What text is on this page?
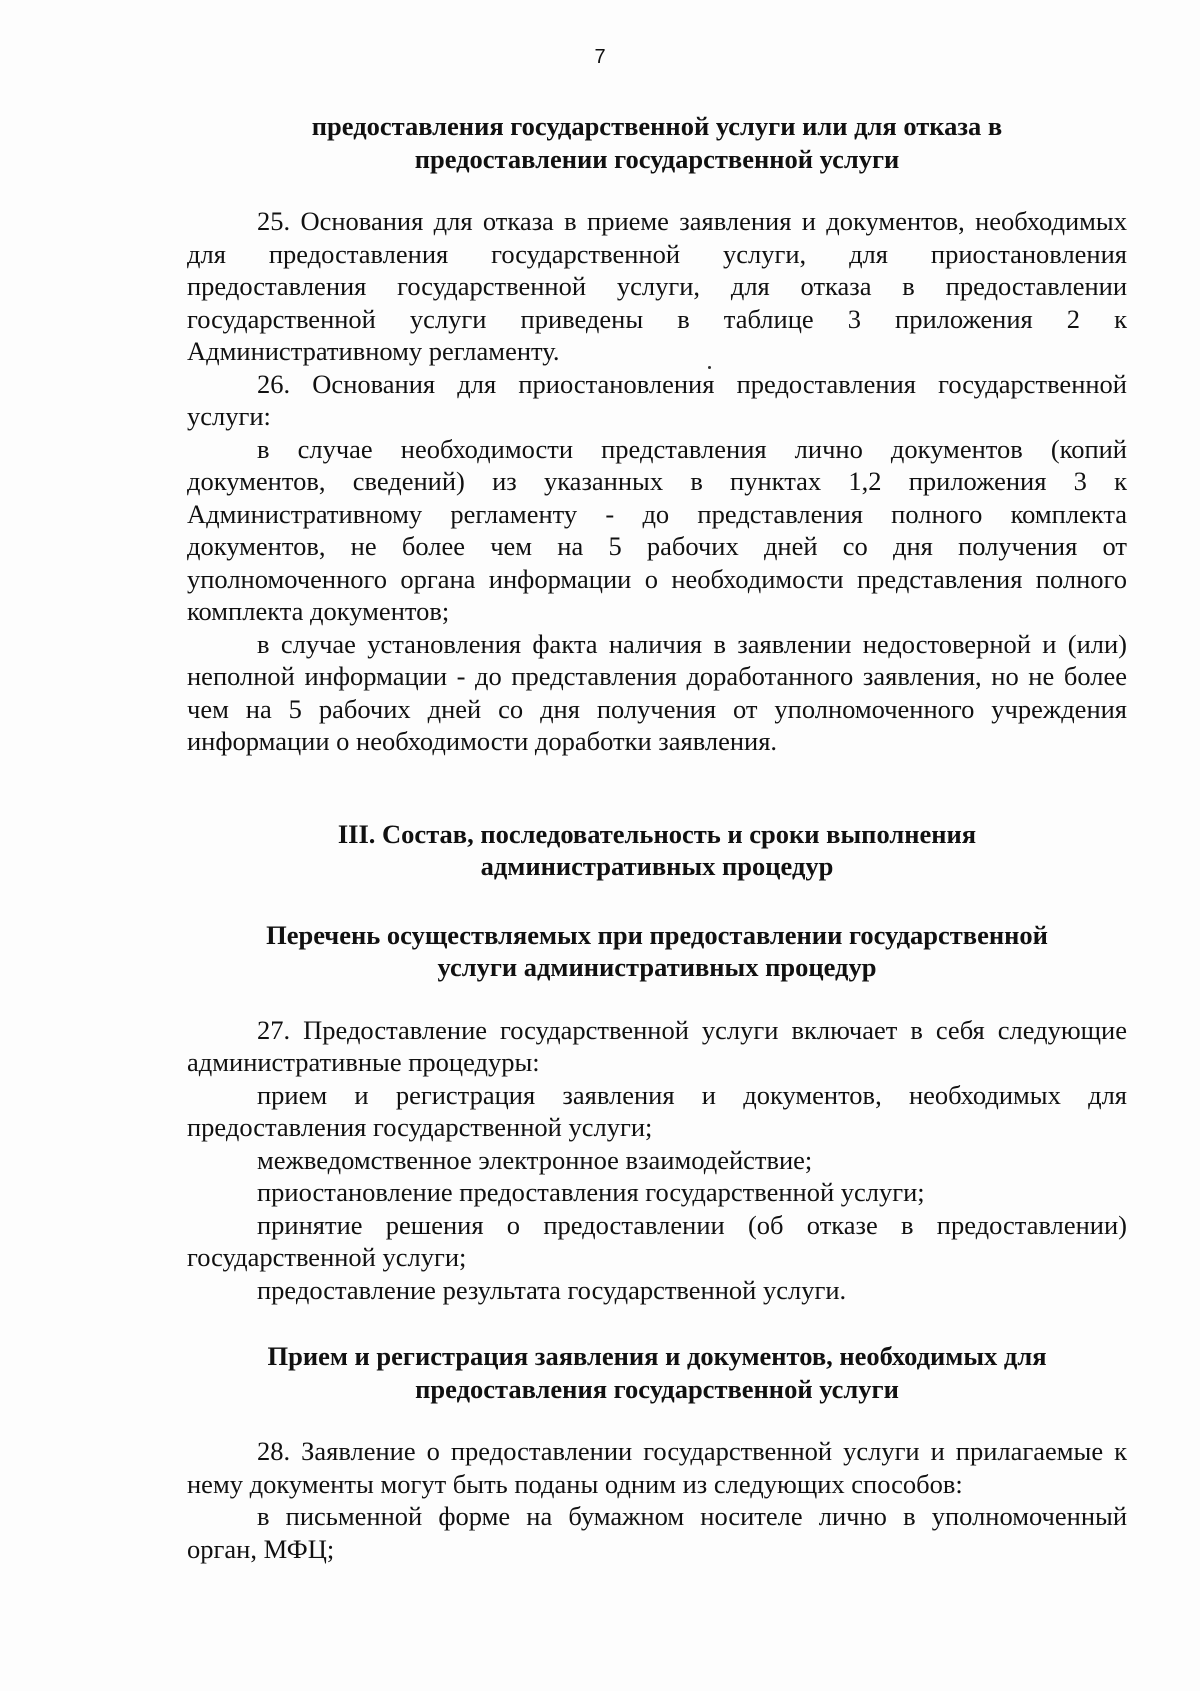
7

предоставления государственной услуги или для отказа в предоставлении государственной услуги

25. Основания для отказа в приеме заявления и документов, необходимых для предоставления государственной услуги, для приостановления предоставления государственной услуги, для отказа в предоставлении государственной услуги приведены в таблице 3 приложения 2 к Административному регламенту.

26. Основания для приостановления предоставления государственной услуги:

в случае необходимости представления лично документов (копий документов, сведений) из указанных в пунктах 1,2 приложения 3 к Административному регламенту - до представления полного комплекта документов, не более чем на 5 рабочих дней со дня получения от уполномоченного органа информации о необходимости представления полного комплекта документов;

в случае установления факта наличия в заявлении недостоверной и (или) неполной информации - до представления доработанного заявления, но не более чем на 5 рабочих дней со дня получения от уполномоченного учреждения информации о необходимости доработки заявления.

III. Состав, последовательность и сроки выполнения административных процедур

Перечень осуществляемых при предоставлении государственной услуги административных процедур

27. Предоставление государственной услуги включает в себя следующие административные процедуры:

прием и регистрация заявления и документов, необходимых для предоставления государственной услуги;

межведомственное электронное взаимодействие;

приостановление предоставления государственной услуги;

принятие решения о предоставлении (об отказе в предоставлении) государственной услуги;

предоставление результата государственной услуги.

Прием и регистрация заявления и документов, необходимых для предоставления государственной услуги

28. Заявление о предоставлении государственной услуги и прилагаемые к нему документы могут быть поданы одним из следующих способов:

в письменной форме на бумажном носителе лично в уполномоченный орган, МФЦ;
